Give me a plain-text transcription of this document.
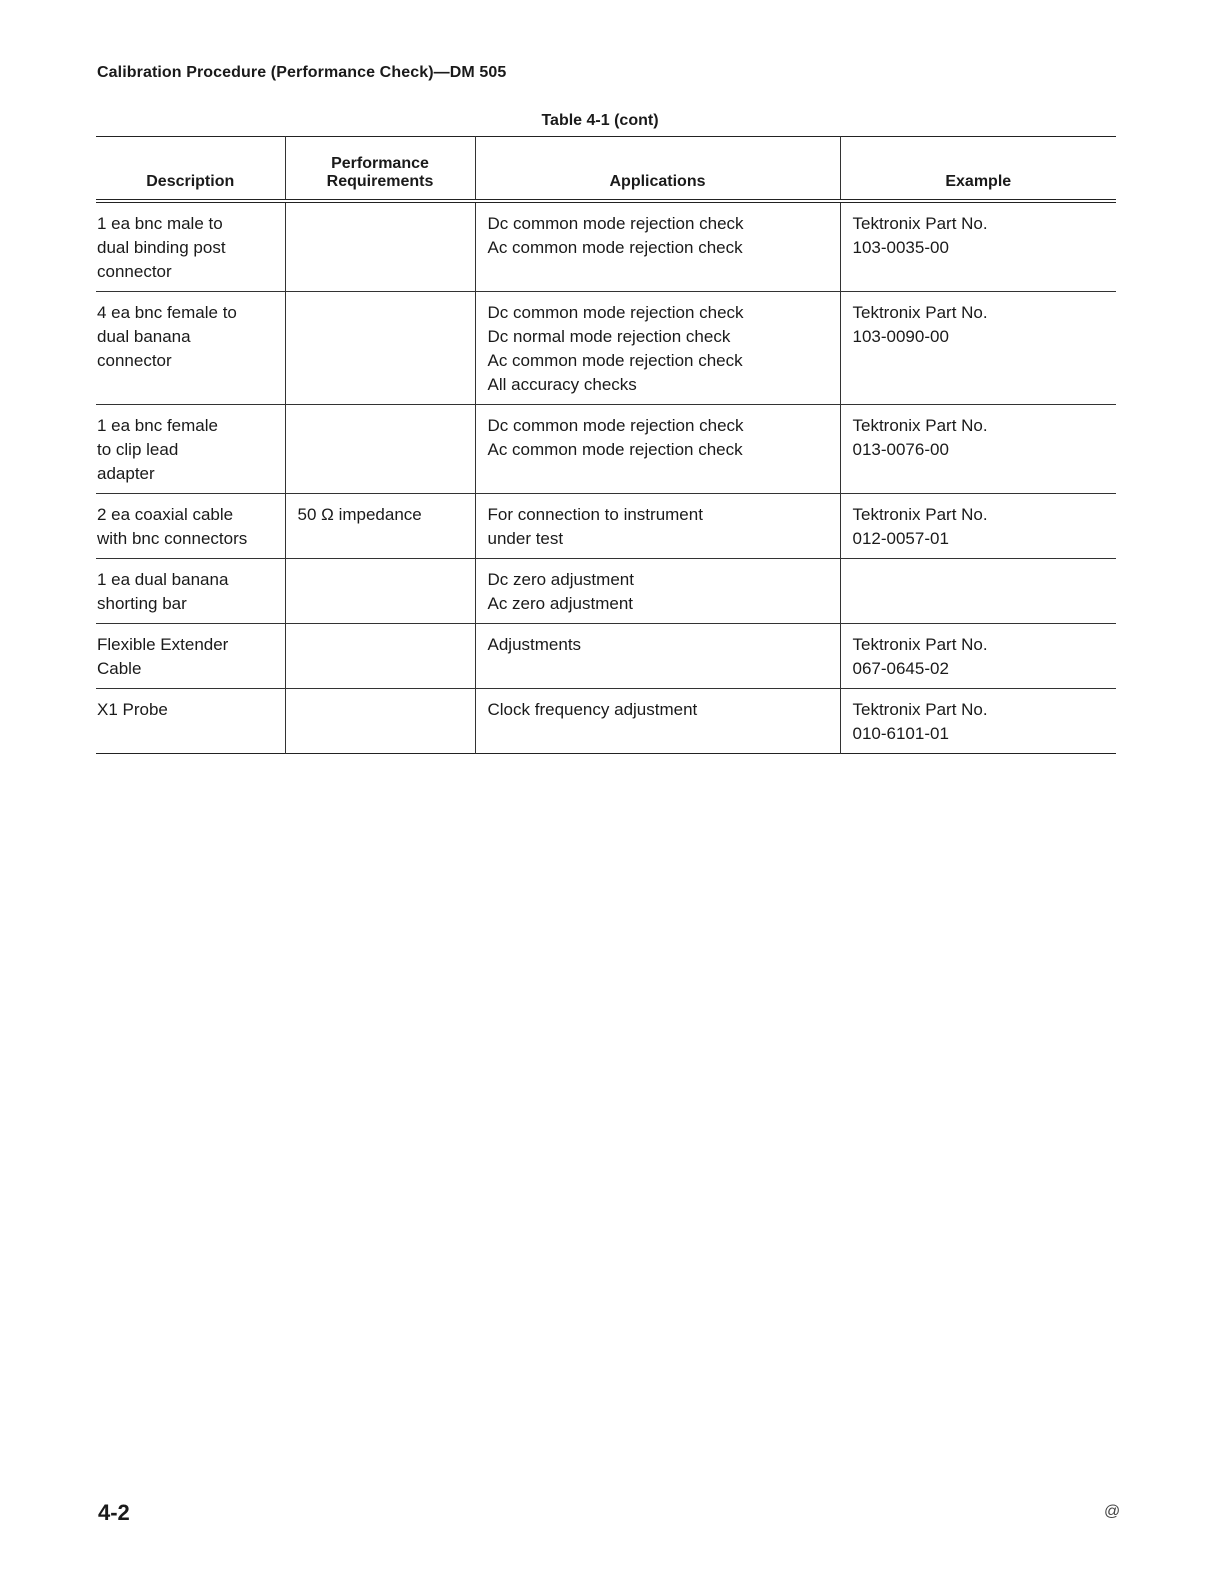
Calibration Procedure (Performance Check)—DM 505
Table 4-1 (cont)
Description	Performance Requirements	Applications	Example

1 ea bnc male to
dual binding post
connector		Dc common mode rejection check
Ac common mode rejection check	Tektronix Part No.
103-0035-00

4 ea bnc female to
dual banana
connector		Dc common mode rejection check
Dc normal mode rejection check
Ac common mode rejection check
All accuracy checks	Tektronix Part No.
103-0090-00

1 ea bnc female
to clip lead
adapter		Dc common mode rejection check
Ac common mode rejection check	Tektronix Part No.
013-0076-00

2 ea coaxial cable
with bnc connectors	50 Ω impedance	For connection to instrument
under test	Tektronix Part No.
012-0057-01

1 ea dual banana
shorting bar		Dc zero adjustment
Ac zero adjustment	

Flexible Extender
Cable		Adjustments	Tektronix Part No.
067-0645-02

X1 Probe		Clock frequency adjustment	Tektronix Part No.
010-6101-01
4-2	@
